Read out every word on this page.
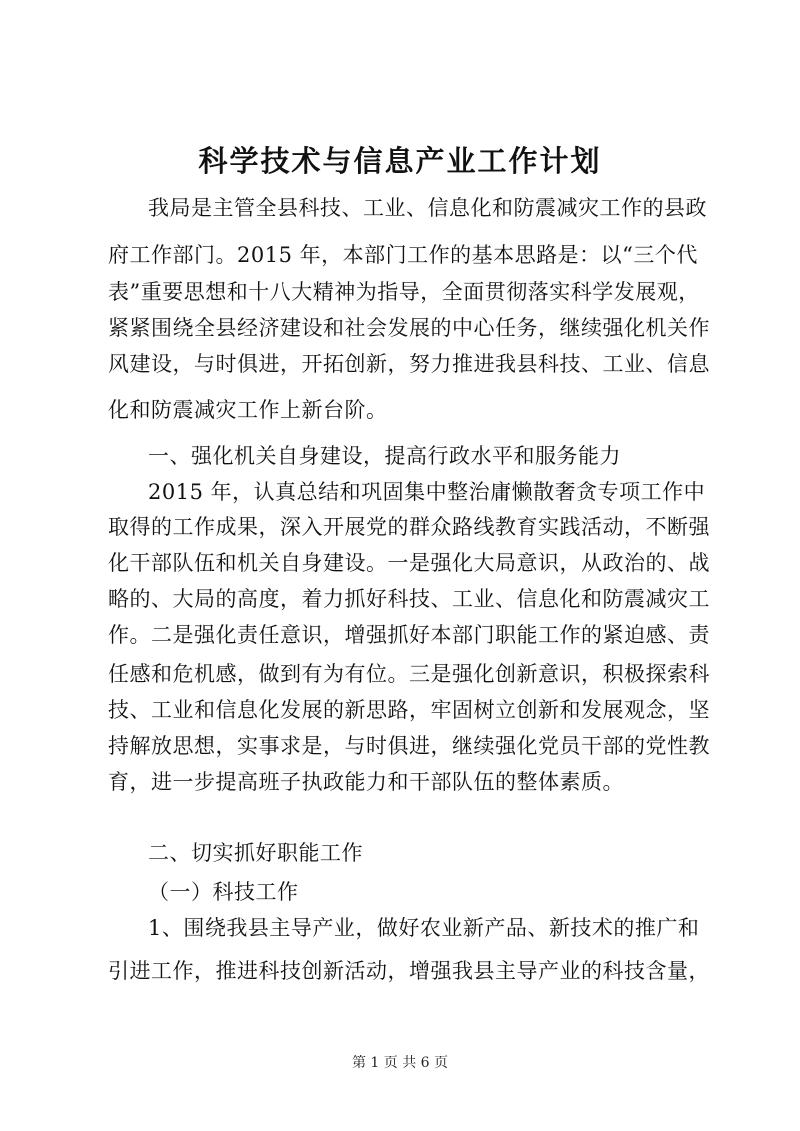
科学技术与信息产业工作计划
我局是主管全县科技、工业、信息化和防震减灾工作的县政
府工作部门。2015 年，本部门工作的基本思路是：以“三个代
表”重要思想和十八大精神为指导，全面贯彻落实科学发展观，
紧紧围绕全县经济建设和社会发展的中心任务，继续强化机关作
风建设，与时俱进，开拓创新，努力推进我县科技、工业、信息
化和防震减灾工作上新台阶。
一、强化机关自身建设，提高行政水平和服务能力
2015 年，认真总结和巩固集中整治庸懒散奢贪专项工作中
取得的工作成果，深入开展党的群众路线教育实践活动，不断强
化干部队伍和机关自身建设。一是强化大局意识，从政治的、战
略的、大局的高度，着力抓好科技、工业、信息化和防震减灾工
作。二是强化责任意识，增强抓好本部门职能工作的紧迫感、责
任感和危机感，做到有为有位。三是强化创新意识，积极探索科
技、工业和信息化发展的新思路，牢固树立创新和发展观念，坚
持解放思想，实事求是，与时俱进，继续强化党员干部的党性教
育，进一步提高班子执政能力和干部队伍的整体素质。
二、切实抓好职能工作
（一）科技工作
1、围绕我县主导产业，做好农业新产品、新技术的推广和
引进工作，推进科技创新活动，增强我县主导产业的科技含量，
第 1 页 共 6 页
